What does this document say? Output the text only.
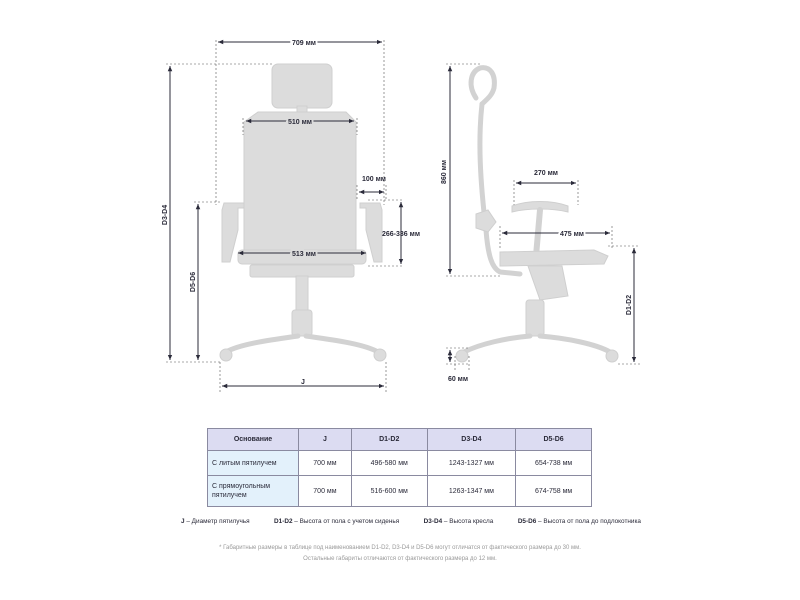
709 мм
510 мм
100 мм
266-336 мм
513 мм
D3-D4
D5-D6
J
860 мм	270 мм
475 мм
D1-D2
60 мм
Основание	J	D1-D2	D3-D4	D5-D6

С литым пятилучем	700 мм	496-580 мм	1243-1327 мм	654-738 мм

С прямоугольным
пятилучем	700 мм	516-600 мм	1263-1347 мм	674-758 мм
J – Диаметр пятилучья	D1-D2 – Высота от пола с учетом сиденья	D3-D4 – Высота кресла	D5-D6 – Высота от пола до подлокотника
* Габаритные размеры в таблице под наименованием D1-D2, D3-D4 и D5-D6 могут отличатся от фактического размера до 30 мм.
Остальные габариты отличаются от фактического размера до 12 мм.
